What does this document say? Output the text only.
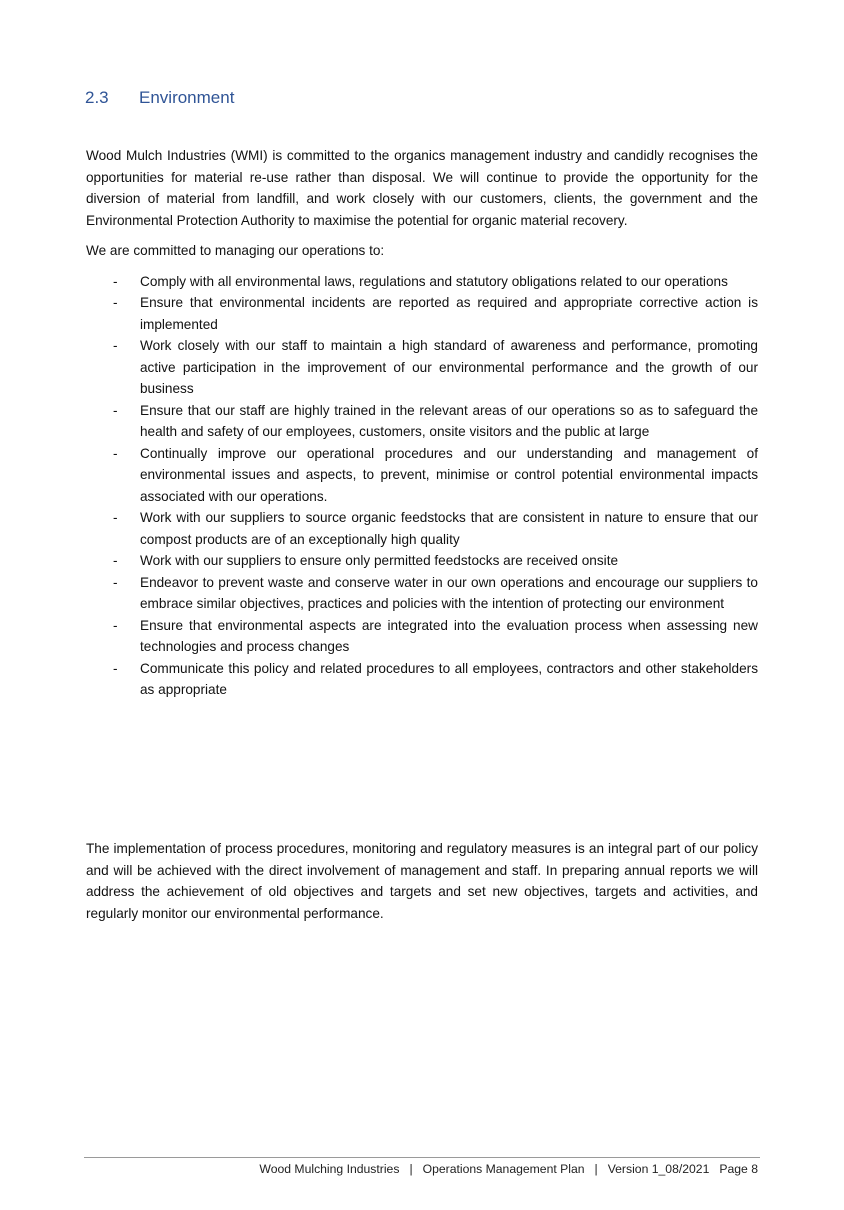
2.3	Environment

Wood Mulch Industries (WMI) is committed to the organics management industry and candidly recognises the opportunities for material re-use rather than disposal. We will continue to provide the opportunity for the diversion of material from landfill, and work closely with our customers, clients, the government and the Environmental Protection Authority to maximise the potential for organic material recovery.

We are committed to managing our operations to:

- Comply with all environmental laws, regulations and statutory obligations related to our operations
- Ensure that environmental incidents are reported as required and appropriate corrective action is implemented
- Work closely with our staff to maintain a high standard of awareness and performance, promoting active participation in the improvement of our environmental performance and the growth of our business
- Ensure that our staff are highly trained in the relevant areas of our operations so as to safeguard the health and safety of our employees, customers, onsite visitors and the public at large
- Continually improve our operational procedures and our understanding and management of environmental issues and aspects, to prevent, minimise or control potential environmental impacts associated with our operations.
- Work with our suppliers to source organic feedstocks that are consistent in nature to ensure that our compost products are of an exceptionally high quality
- Work with our suppliers to ensure only permitted feedstocks are received onsite
- Endeavor to prevent waste and conserve water in our own operations and encourage our suppliers to embrace similar objectives, practices and policies with the intention of protecting our environment
- Ensure that environmental aspects are integrated into the evaluation process when assessing new technologies and process changes
- Communicate this policy and related procedures to all employees, contractors and other stakeholders as appropriate

The implementation of process procedures, monitoring and regulatory measures is an integral part of our policy and will be achieved with the direct involvement of management and staff. In preparing annual reports we will address the achievement of old objectives and targets and set new objectives, targets and activities, and regularly monitor our environmental performance.

Wood Mulching Industries | Operations Management Plan | Version 1_08/2021 Page 8
